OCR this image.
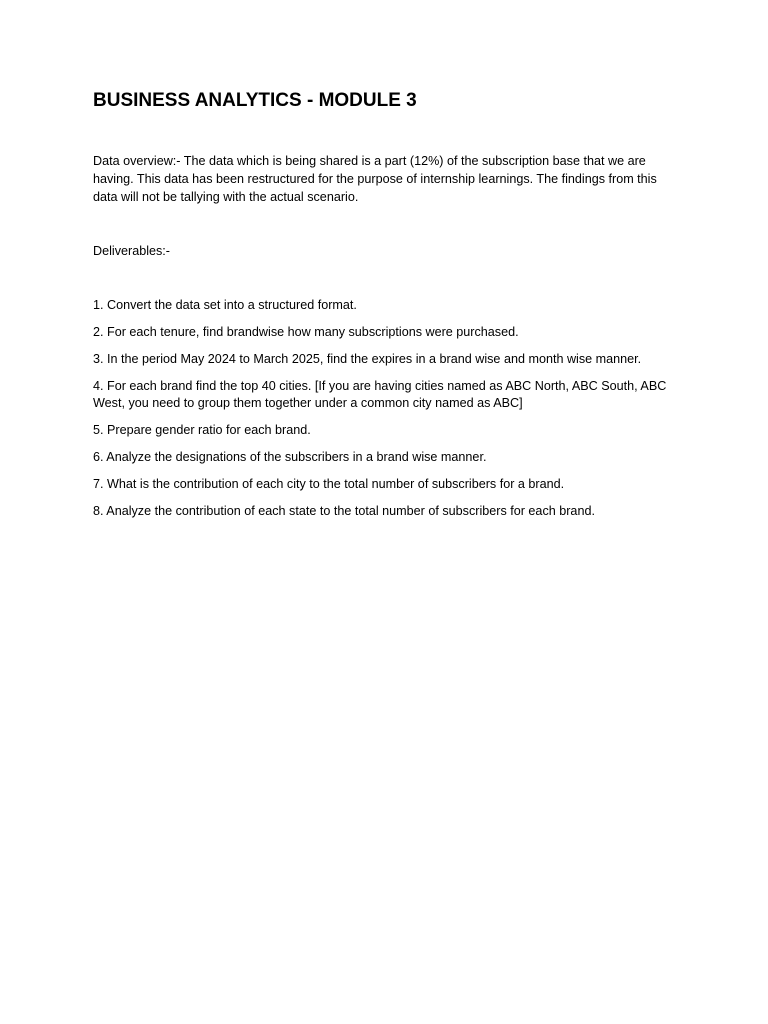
BUSINESS ANALYTICS - MODULE 3

Data overview:- The data which is being shared is a part (12%) of the subscription base that we are having. This data has been restructured for the purpose of internship learnings. The findings from this data will not be tallying with the actual scenario.

Deliverables:-

1. Convert the data set into a structured format.
2. For each tenure, find brandwise how many subscriptions were purchased.
3. In the period May 2024 to March 2025, find the expires in a brand wise and month wise manner.
4. For each brand find the top 40 cities. [If you are having cities named as ABC North, ABC South, ABC West, you need to group them together under a common city named as ABC]
5. Prepare gender ratio for each brand.
6. Analyze the designations of the subscribers in a brand wise manner.
7. What is the contribution of each city to the total number of subscribers for a brand.
8. Analyze the contribution of each state to the total number of subscribers for each brand.
